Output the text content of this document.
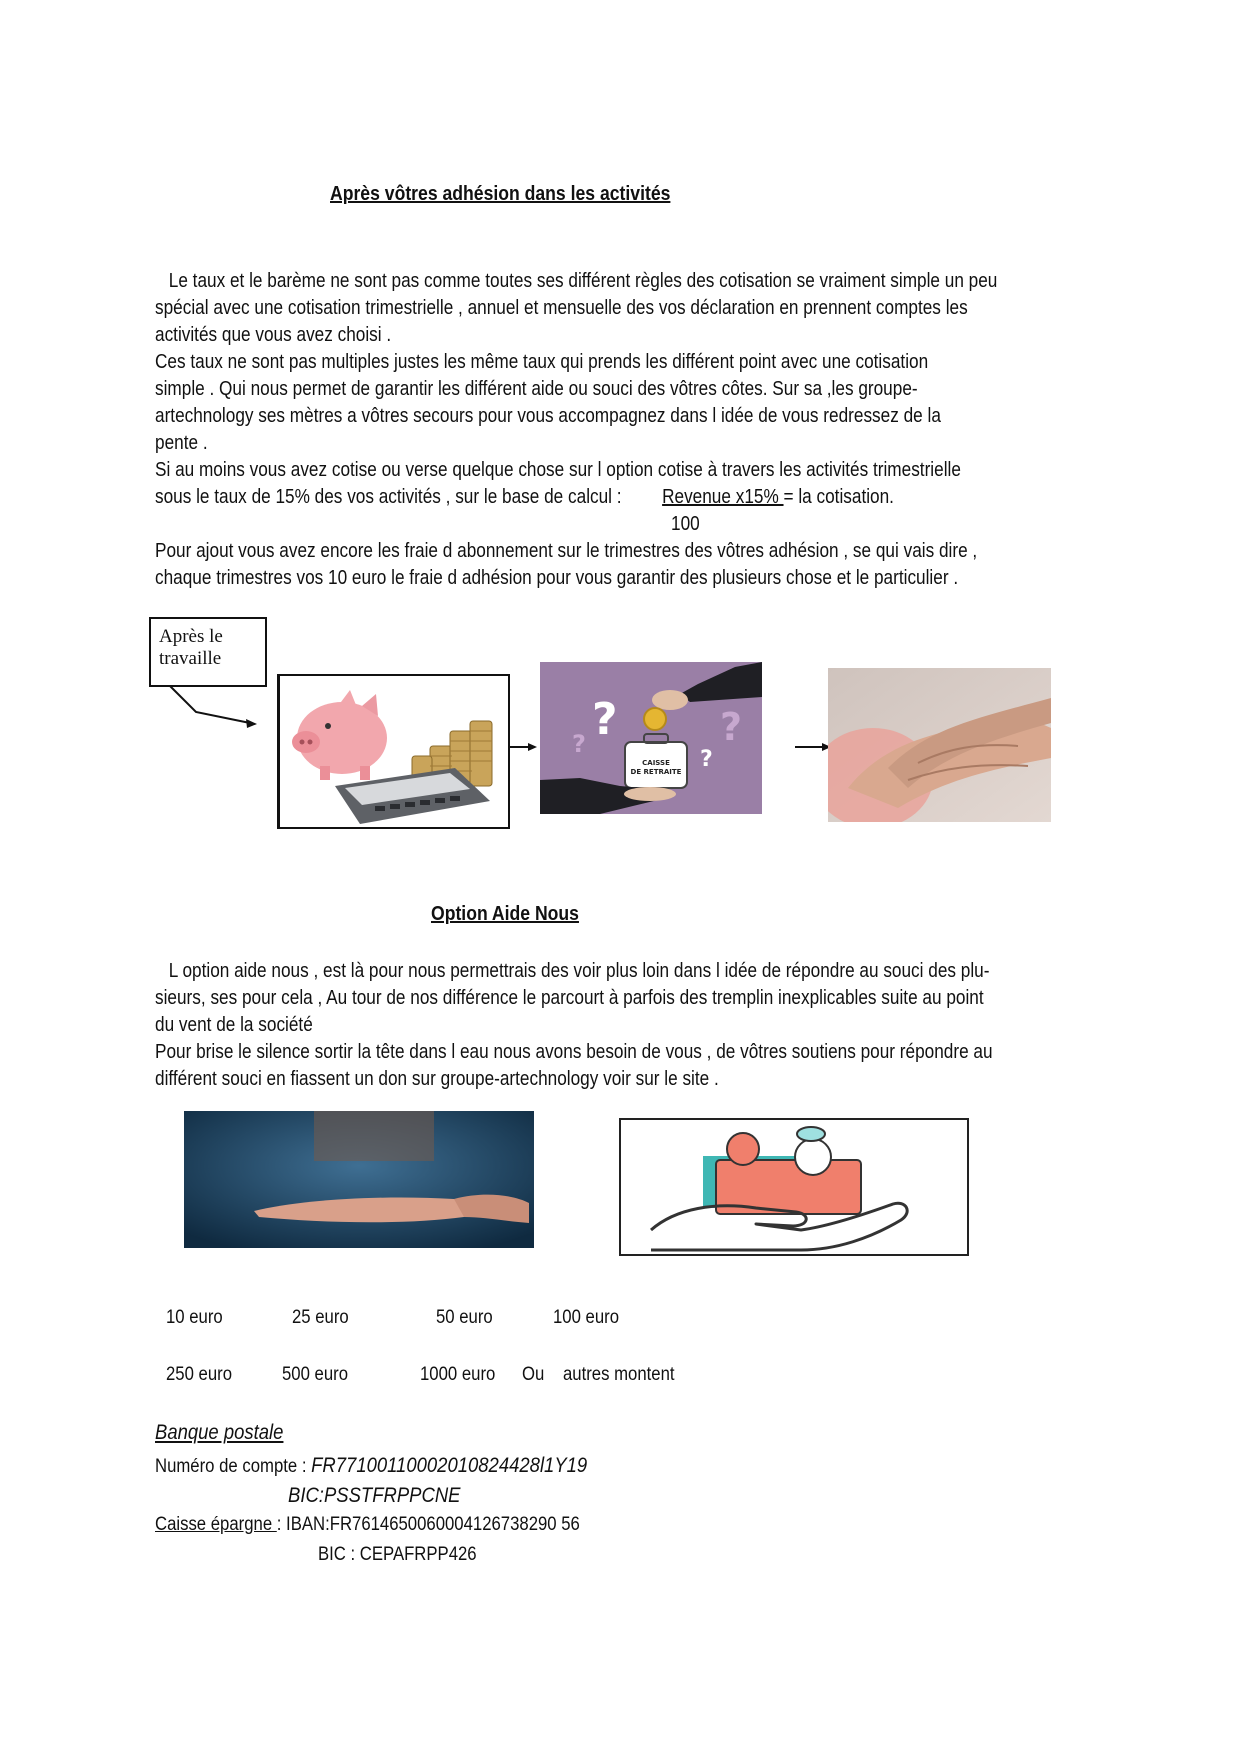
Après vôtres adhésion dans les activités

Le taux et le barème ne sont pas comme toutes ses différent règles des cotisation se vraiment simple un peu
spécial avec une cotisation trimestrielle , annuel et mensuelle des vos déclaration en prennent comptes les
activités que vous avez choisi .

Ces taux ne sont pas multiples justes les même taux qui prends les différent point avec une cotisation
simple . Qui nous permet de garantir les différent aide ou souci des vôtres côtes. Sur sa ,les groupe-
artechnology ses mètres a vôtres secours pour vous accompagnez dans l idée de vous redressez de la
pente .

Si au moins vous avez cotise ou verse quelque chose sur l option cotise à travers les activités trimestrielle
sous le taux de 15% des vos activités , sur le base de calcul : Revenue x15% = la cotisation.
100

Pour ajout vous avez encore les fraie d abonnement sur le trimestres des vôtres adhésion , se qui vais dire ,
chaque trimestres vos 10 euro le fraie d adhésion pour vous garantir des plusieurs chose et le particulier .

Après le travaille
?
?	?
?
CAISSE
DE RETRAITE
Option Aide Nous

L option aide nous , est là pour nous permettrais des voir plus loin dans l idée de répondre au souci des plu-
sieurs, ses pour cela , Au tour de nos différence le parcourt à parfois des tremplin inexplicables suite au point
du vent de la société

Pour brise le silence sortir la tête dans l eau nous avons besoin de vous , de vôtres soutiens pour répondre au
différent souci en fiassent un don sur groupe-artechnology voir sur le site .

10 euro	25 euro	50 euro	100 euro
250 euro	500 euro	1000 euro Ou autres montent
Banque postale
Numéro de compte : FR77100110002010824428l1Y19
BIC:PSSTFRPPCNE
Caisse épargne : IBAN:FR7614650060004126738290 56
BIC : CEPAFRPP426
